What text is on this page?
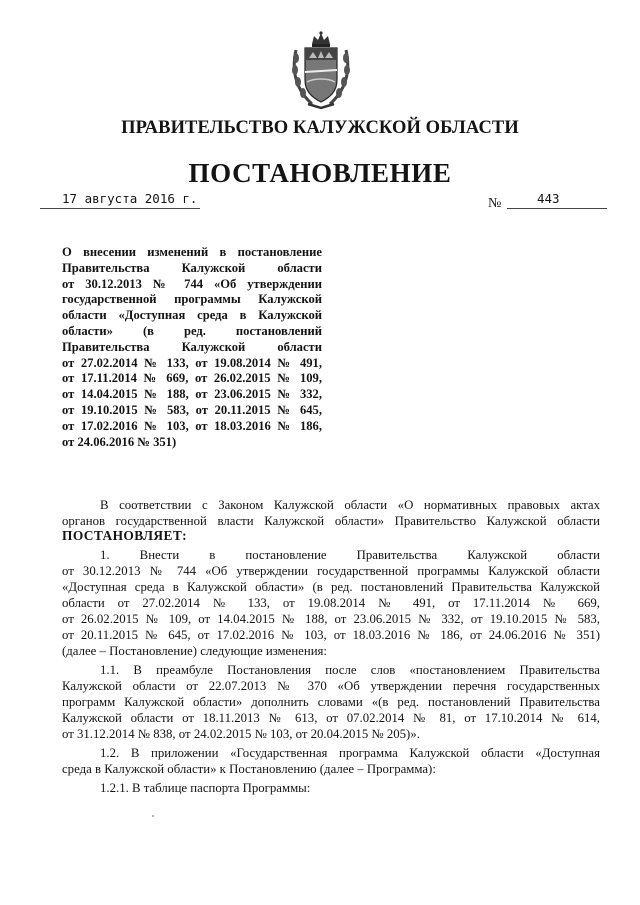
ПРАВИТЕЛЬСТВО КАЛУЖСКОЙ ОБЛАСТИ
ПОСТАНОВЛЕНИЕ
17 августа 2016 г.	№	443
О внесении изменений в постановление
Правительства Калужской области
от 30.12.2013 № 744 «Об утверждении
государственной программы Калужской
области «Доступная среда в Калужской
области» (в ред. постановлений
Правительства Калужской области
от 27.02.2014 № 133, от 19.08.2014 № 491,
от 17.11.2014 № 669, от 26.02.2015 № 109,
от 14.04.2015 № 188, от 23.06.2015 № 332,
от 19.10.2015 № 583, от 20.11.2015 № 645,
от 17.02.2016 № 103, от 18.03.2016 № 186,
от 24.06.2016 № 351)
В соответствии с Законом Калужской области «О нормативных правовых актах
органов государственной власти Калужской области» Правительство Калужской области
ПОСТАНОВЛЯЕТ:
1. Внести в постановление Правительства Калужской области
от 30.12.2013 № 744 «Об утверждении государственной программы Калужской области
«Доступная среда в Калужской области» (в ред. постановлений Правительства Калужской
области от 27.02.2014 № 133, от 19.08.2014 № 491, от 17.11.2014 № 669,
от 26.02.2015 № 109, от 14.04.2015 № 188, от 23.06.2015 № 332, от 19.10.2015 № 583,
от 20.11.2015 № 645, от 17.02.2016 № 103, от 18.03.2016 № 186, от 24.06.2016 № 351)
(далее – Постановление) следующие изменения:
1.1. В преамбуле Постановления после слов «постановлением Правительства
Калужской области от 22.07.2013 № 370 «Об утверждении перечня государственных
программ Калужской области» дополнить словами «(в ред. постановлений Правительства
Калужской области от 18.11.2013 № 613, от 07.02.2014 № 81, от 17.10.2014 № 614,
от 31.12.2014 № 838, от 24.02.2015 № 103, от 20.04.2015 № 205)».
1.2. В приложении «Государственная программа Калужской области «Доступная
среда в Калужской области» к Постановлению (далее – Программа):
1.2.1. В таблице паспорта Программы:
